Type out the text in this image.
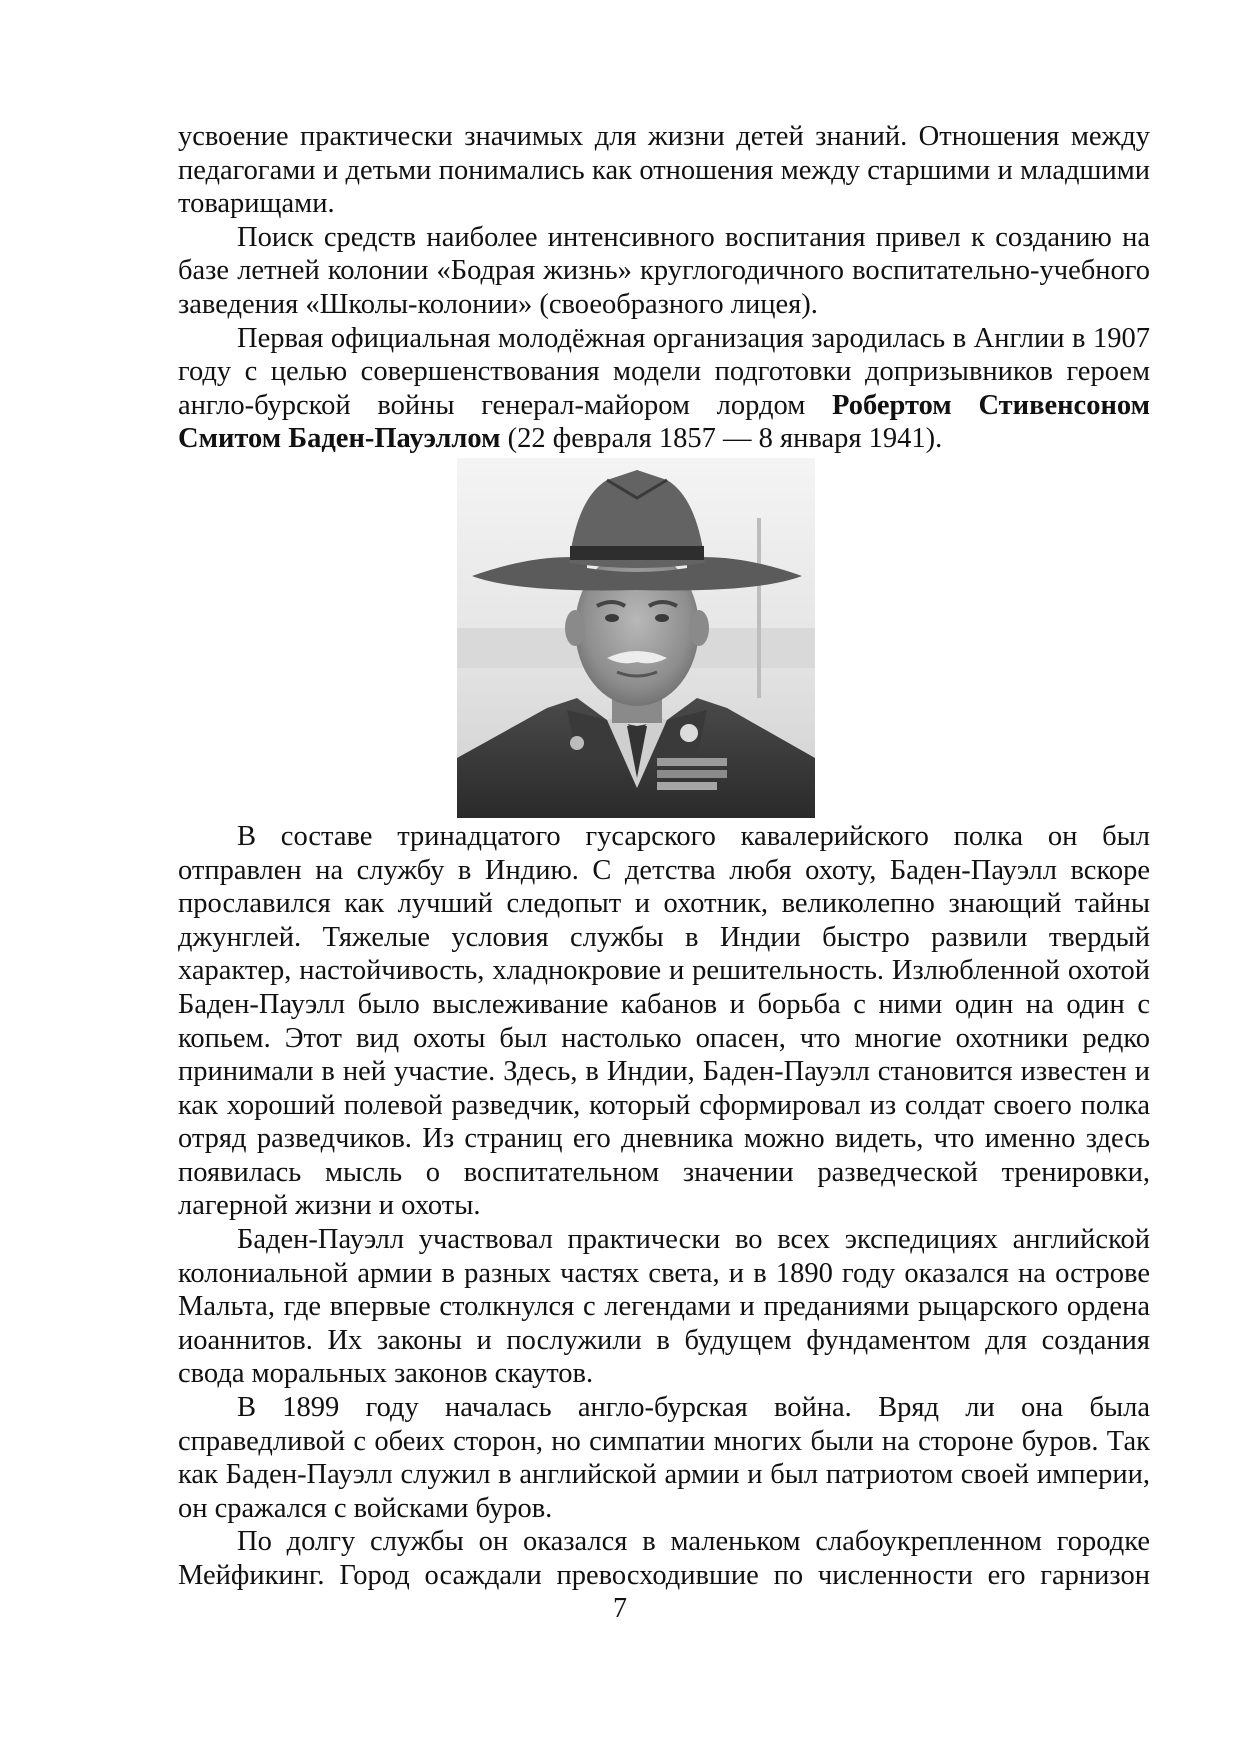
усвоение практически значимых для жизни детей знаний. Отношения между педагогами и детьми понимались как отношения между старшими и младшими товарищами.

Поиск средств наиболее интенсивного воспитания привел к созданию на базе летней колонии «Бодрая жизнь» круглогодичного воспитательно-учебного заведения «Школы-колонии» (своеобразного лицея).

Первая официальная молодёжная организация зародилась в Англии в 1907 году с целью совершенствования модели подготовки допризывников героем англо-бурской войны генерал-майором лордом Робертом Стивенсоном Смитом Баден-Пауэллом (22 февраля 1857 — 8 января 1941).

В составе тринадцатого гусарского кавалерийского полка он был отправлен на службу в Индию. С детства любя охоту, Баден-Пауэлл вскоре прославился как лучший следопыт и охотник, великолепно знающий тайны джунглей. Тяжелые условия службы в Индии быстро развили твердый характер, настойчивость, хладнокровие и решительность. Излюбленной охотой Баден-Пауэлл было выслеживание кабанов и борьба с ними один на один с копьем. Этот вид охоты был настолько опасен, что многие охотники редко принимали в ней участие. Здесь, в Индии, Баден-Пауэлл становится известен и как хороший полевой разведчик, который сформировал из солдат своего полка отряд разведчиков. Из страниц его дневника можно видеть, что именно здесь появилась мысль о воспитательном значении разведческой тренировки, лагерной жизни и охоты.

Баден-Пауэлл участвовал практически во всех экспедициях английской колониальной армии в разных частях света, и в 1890 году оказался на острове Мальта, где впервые столкнулся с легендами и преданиями рыцарского ордена иоаннитов. Их законы и послужили в будущем фундаментом для создания свода моральных законов скаутов.

В 1899 году началась англо-бурская война. Вряд ли она была справедливой с обеих сторон, но симпатии многих были на стороне буров. Так как Баден-Пауэлл служил в английской армии и был патриотом своей империи, он сражался с войсками буров.

По долгу службы он оказался в маленьком слабоукрепленном городке Мейфикинг. Город осаждали превосходившие по численности его гарнизон

7
